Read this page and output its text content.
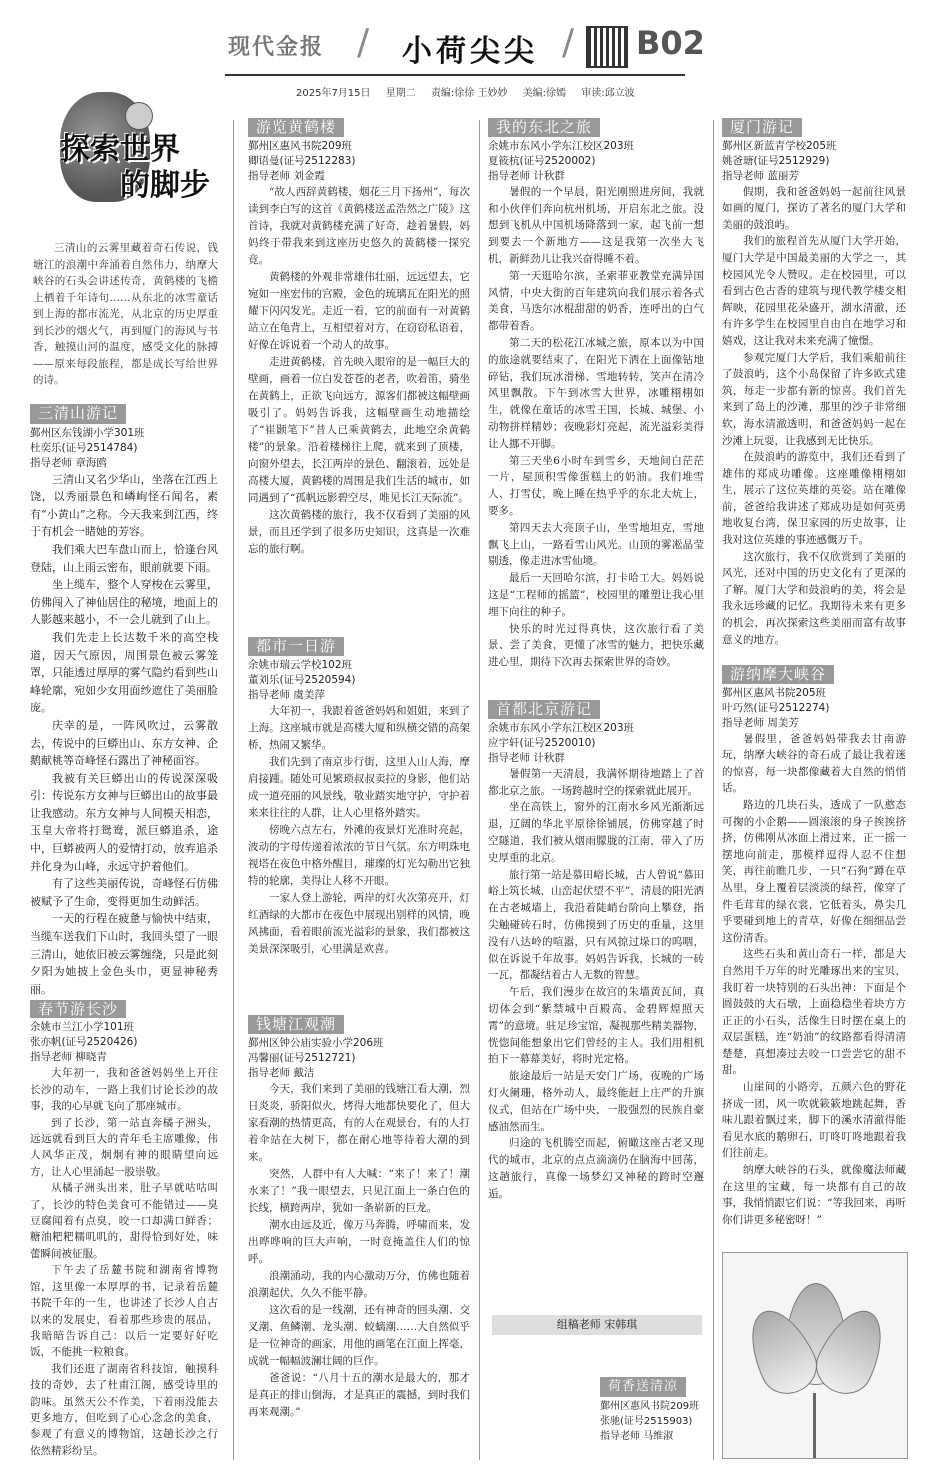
现代金报 / 小荷尖尖 / B02
2025年7月15日 星期二 责编:徐徐 王妙妙 美编:徐嫣 审读:邱立波
探索世界
的脚步
三清山的云雾里藏着奇石传说，钱塘江的浪潮中奔涌着自然伟力，纳摩大峡谷的石头会讲述传奇，黄鹤楼的飞檐上栖着千年诗句……从东北的冰雪童话到上海的都市流光，从北京的历史厚重到长沙的烟火气，再到厦门的海风与书香，触摸山河的温度，感受文化的脉搏——原来每段旅程，都是成长写给世界的诗。
三清山游记
鄞州区东钱湖小学301班
杜奕乐(证号2514784)
指导老师 章海鸥

三清山又名少华山，坐落在江西上饶，以秀丽景色和嶙峋怪石闻名，素有“小黄山”之称。今天我来到江西，终于有机会一睹她的芳容。

我们乘大巴车盘山而上，恰逢台风登陆，山上雨云密布，眼前就要下雨。

坐上缆车，整个人穿梭在云雾里，仿佛闯入了神仙居住的秘境，地面上的人影越来越小，不一会儿就到了山上。

我们先走上长达数千米的高空栈道，因天气原因，周围景色被云雾笼罩，只能透过厚厚的雾气隐约看到些山峰轮廓，宛如少女用面纱遮住了美丽脸庞。

庆幸的是，一阵风吹过，云雾散去，传说中的巨蟒出山、东方女神、企鹅献桃等奇峰怪石露出了神秘面容。

我被有关巨蟒出山的传说深深吸引：传说东方女神与巨蟒出山的故事最让我感动。东方女神与人间模天相恋，玉皇大帝将打鸳鸯，派巨蟒追杀，途中，巨蟒被两人的爱情打动，放弃追杀并化身为山峰，永远守护着他们。

有了这些美丽传说，奇峰怪石仿佛被赋予了生命，变得更加生动鲜活。

一天的行程在疲惫与愉快中结束，当缆车送我们下山时，我回头望了一眼三清山，她依旧被云雾缠绕，只是此刻夕阳为她披上金色头巾，更显神秘秀丽。

春节游长沙
余姚市兰江小学101班
张亦帆(证号2520426)
指导老师 柳晓青

大年初一，我和爸爸妈妈坐上开往长沙的动车，一路上我们讨论长沙的故事，我的心早就飞向了那座城市。

到了长沙，第一站直奔橘子洲头，远远就看到巨大的青年毛主席雕像，伟人风华正茂，炯炯有神的眼睛望向远方，让人心里涌起一股崇敬。

从橘子洲头出来，肚子早就咕咕叫了，长沙的特色美食可不能错过——臭豆腐闻着有点臭，咬一口却满口鲜香；糖油粑粑糯叽叽的，甜得恰到好处，味蕾瞬间被征服。

下午去了岳麓书院和湖南省博物馆，这里像一本厚厚的书，记录着岳麓书院千年的一生，也讲述了长沙人自古以来的发展史，看着那些珍贵的展品，我暗暗告诉自己：以后一定要好好吃饭，不能挑一粒粮食。

我们还逛了湖南省科技馆，触摸科技的奇妙，去了杜甫江阁，感受诗里的韵味。虽然天公不作美，下着雨没能去更多地方，但吃到了心心念念的美食，参观了有意义的博物馆，这趟长沙之行依然精彩纷呈。

游览黄鹤楼
鄞州区惠风书院209班
卿语曼(证号2512283)
指导老师 刘金霞

“故人西辞黄鹤楼，烟花三月下扬州”，每次读到李白写的这首《黄鹤楼送孟浩然之广陵》这首诗，我就对黄鹤楼充满了好奇，趁着暑假，妈妈终于带我来到这座历史悠久的黄鹤楼一探究竟。

黄鹤楼的外观非常雄伟壮丽，远远望去，它宛如一座宏伟的宫殿，金色的琉璃瓦在阳光的照耀下闪闪发光。走近一看，它的前面有一对黄鹤站立在龟背上，互相望着对方，在窃窃私语着，好像在诉说着一个动人的故事。

走进黄鹤楼，首先映入眼帘的是一幅巨大的壁画，画着一位白发苍苍的老者，吹着笛，骑坐在黄鹤上，正欲飞向远方，源客们都被这幅壁画吸引了。妈妈告诉我，这幅壁画生动地描绘了“崔颢笔下”昔人已乘黄鹤去，此地空余黄鹤楼”的景象。沿着楼梯往上爬，就来到了顶楼，向窗外望去，长江两岸的景色、翻滚着，远处是高楼大厦，黄鹤楼的周围是我们生活的城市，如同遇到了“孤帆远影碧空尽，唯见长江天际流”。

这次黄鹤楼的旅行，我不仅看到了美丽的风景，而且还学到了很多历史知识，这真是一次难忘的旅行啊。

都市一日游
余姚市瑞云学校102班
董刘乐(证号2520594)
指导老师 虞美萍

大年初一，我跟着爸爸妈妈和姐姐，来到了上海。这座城市就是高楼大厦和纵横交错的高架桥，热闹又繁华。

我们先到了南京步行街，这里人山人海，摩肩接踵。随处可见繁琐叔叔卖拉的身影，他们站成一道亮丽的风景线，敬业踏实地守护，守护着来来往往的人群，让人心里格外踏实。

傍晚六点左右，外滩的夜景灯光准时亮起，波动的宇母传递着浓浓的节日气氛。东方明珠电视塔在夜色中格外醒目，璀璨的灯光勾勒出它独特的轮廓，美得让人移不开眼。

一家人登上游轮，两岸的灯火次第亮开，灯红酒绿的大都市在夜色中展现出别样的风情，晚风拂面，看着眼前流光溢彩的景象，我们都被这美景深深吸引，心里满是欢喜。

钱塘江观潮
鄞州区钟公庙实验小学206班
冯馨丽(证号2512721)
指导老师 戴洁

今天，我们来到了美丽的钱塘江看大潮，烈日炎炎，骄阳似火，烤得大地都快要化了，但大家看潮的热情更高，有的人在观景台，有的人打着伞站在大树下，都在耐心地等待着大潮的到来。

突然，人群中有人大喊：“来了！来了！潮水来了！”我一眼望去，只见江面上一条白色的长线，横跨两岸，犹如一条崭新的巨龙。

潮水由远及近，像万马奔腾，呼啸而来，发出哗哗响的巨大声响，一时竟掩盖住人们的惊呼。

浪潮涌动，我的内心激动万分，仿佛也随着浪潮起伏，久久不能平静。

这次看的是一线潮，还有神奇的回头潮、交叉潮、鱼鳞潮、龙头潮、蛟螭潮……大自然似乎是一位神奇的画家，用他的画笔在江面上挥毫，成就一幅幅波澜壮阔的巨作。

爸爸说：“八月十五的潮水是最大的，那才是真正的排山倒海，才是真正的震撼，到时我们再来观潮。”

我的东北之旅
余姚市东风小学东江校区203班
夏筱杭(证号2520002)
指导老师 计秋群

暑假的一个早晨，阳光刚照进房间，我就和小伙伴们奔向杭州机场，开启东北之旅。没想到飞机从中国机场降落到一家，起飞前一想到要去一个新地方——这是我第一次坐大飞机，新鲜劲儿让我兴奋得睡不着。

第一天逛哈尔滨，圣索菲亚教堂充满异国风情，中央大街的百年建筑向我们展示着各式美食，马迭尔冰棍甜甜的奶香，连呼出的白气都带着香。

第二天的松花江冰城之旅，原本以为中国的旅途就要结束了，在阳光下洒在上面像钻地碎钻，我们玩冰滑梯、雪地转转，笑声在清冷风里飘散。下午到冰雪大世界，冰雕栩栩如生，就像在童话的冰雪王国，长城、城堡、小动物拼样精妙；夜晚彩灯亮起，流光溢彩美得让人挪不开脚。

第三天坐6小时车到雪乡，天地间白茫茫一片，屋顶积雪像蛋糕上的奶油。我们堆雪人、打雪仗，晚上睡在热乎乎的东北大炕上，要多。

第四天去大亮顶子山，坐雪地坦克，雪地飘飞上山，一路看雪山风光。山顶的雾凇晶莹剔透，像走进冰雪仙境。

最后一天回哈尔滨，打卡哈工大。妈妈说这是“工程师的摇篮”，校园里的雕塑让我心里埋下向往的种子。

快乐的时光过得真快，这次旅行看了美景、尝了美食，更懂了冰雪的魅力，把快乐藏进心里，期待下次再去探索世界的奇妙。

首都北京游记
余姚市东风小学东江校区203班
应宇轩(证号2520010)
指导老师 计秋群

暑假第一天清晨，我满怀期待地踏上了首都北京之旅。一场跨越时空的探索就此展开。

坐在高铁上，窗外的江南水乡风光渐渐远退，辽阔的华北平原徐徐铺展，仿佛穿越了时空隧道，我们被从烟雨朦胧的江南，带入了历史厚重的北京。

旅行第一站是慕田峪长城，古人曾说“慕田峪上筑长城，山峦起伏望不平”，清晨的阳光洒在古老城墙上，我沿着陡峭台阶向上攀登，指尖触碰砖石时，仿佛摸到了历史的重量，这里没有八达岭的喧嚣，只有风掠过垛口的呜咽，似在诉说千年故事。妈妈告诉我，长城的一砖一瓦，都凝结着古人无数的智慧。

午后，我们漫步在故宫的朱墙黄瓦间，真切体会到“紫禁城中百殿高，金碧辉煌照天霄”的意境。驻足珍宝馆，凝视那些精美器物，恍惚间能想象出它们曾经的主人。我们用相机拍下一幕幕美好，将时光定格。

旅途最后一站是天安门广场，夜晚的广场灯火阑珊，格外动人，最终能赶上庄严的升旗仪式，但站在广场中央，一股强烈的民族自豪感油然而生。

归途的飞机腾空而起，俯瞰这座古老又现代的城市，北京的点点滴滴仍在脑海中回荡，这趟旅行，真像一场梦幻又神秘的跨时空邂逅。

厦门游记
鄞州区新蓝青学校205班
姚爸瑭(证号2512929)
指导老师 蓝丽芳

假期，我和爸爸妈妈一起前往风景如画的厦门，探访了著名的厦门大学和美丽的鼓浪屿。

我们的旅程首先从厦门大学开始，厦门大学是中国最美丽的大学之一，其校园风光令人赞叹。走在校园里，可以看到古色古香的建筑与现代教学楼交相辉映，花园里花朵盛开，湖水清澈，还有许多学生在校园里自由自在地学习和嬉戏，这让我对未来充满了憧憬。

参观完厦门大学后，我们乘船前往了鼓浪屿，这个小岛保留了许多欧式建筑，每走一步都有新的惊喜。我们首先来到了岛上的沙滩，那里的沙子非常细软，海水清澈透明，和爸爸妈妈一起在沙滩上玩耍，让我感到无比快乐。

在鼓浪屿的游览中，我们还看到了雄伟的郑成功雕像。这座雕像栩栩如生，展示了这位英雄的英姿。站在雕像前，爸爸给我讲述了郑成功是如何英勇地收复台湾，保卫家园的历史故事，让我对这位英雄的事迹感慨万千。

这次旅行，我不仅欣赏到了美丽的风光，还对中国的历史文化有了更深的了解。厦门大学和鼓浪屿的美，将会是我永远珍藏的记忆。我期待未来有更多的机会，再次探索这些美丽而富有故事意义的地方。

游纳摩大峡谷
鄞州区惠风书院205班
叶巧然(证号2512274)
指导老师 周美芳

暑假里，爸爸妈妈带我去甘南游玩，纳摩大峡谷的奇石成了最让我着迷的惊喜，每一块都像藏着大自然的悄悄话。

路边的几块石头，透成了一队憨态可掬的小企鹅——圆滚滚的身子挨挨挤挤，仿佛刚从冰面上滑过来，正一摇一摆地向前走，那模样逗得人忍不住想笑，再往前瞧几步，一只“石狗”蹲在草丛里，身上覆着层淡淡的绿苔，像穿了件毛茸茸的绿衣裳，它低着头，鼻尖几乎要碰到地上的青草，好像在细细品尝这份清香。

这些石头和黄山奇石一样，都是大自然用千万年的时光雕琢出来的宝贝，我盯着一块特别的石头出神：下面是个圆鼓鼓的大石墩，上面稳稳坐着块方方正正的小石头，活像生日时摆在桌上的双层蛋糕，连“奶油”的纹路都看得清清楚楚，真想凑过去咬一口尝尝它的甜不甜。

山崖间的小路旁，五颜六色的野花挤成一团，风一吹就簌簌地跳起舞，香味儿跟着飘过来，脚下的溪水清澈得能看见水底的鹅卵石，叮咚叮咚地跟着我们往前走。

纳摩大峡谷的石头，就像魔法师藏在这里的宝藏，每一块都有自己的故事，我悄悄跟它们说：“等我回来，再听你们讲更多秘密呀！”

组稿老师 宋韩琪
荷香送清凉
鄞州区惠风书院209班
张驰(证号2515903)
指导老师 马维淑
